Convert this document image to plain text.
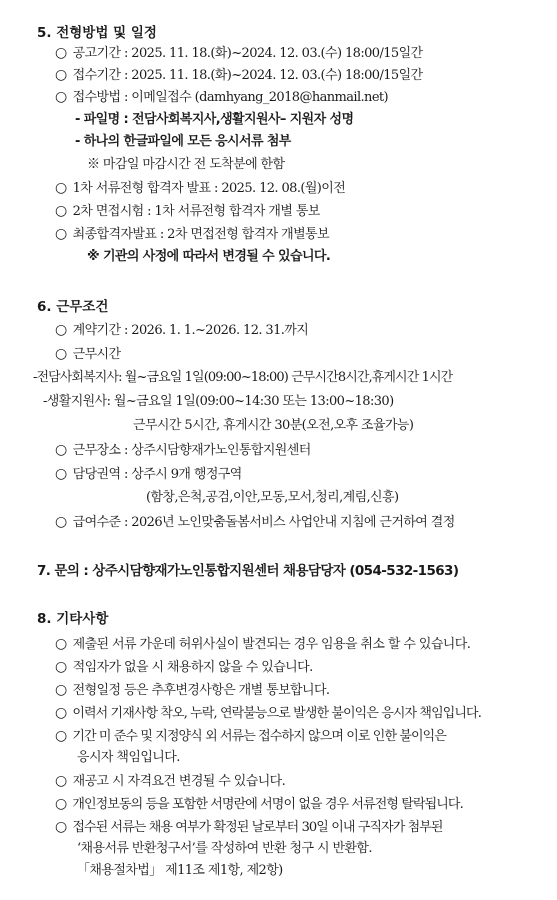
5. 전형방법 및 일정
○ 공고기간 : 2025. 11. 18.(화)~2024. 12. 03.(수) 18:00/15일간
○ 접수기간 : 2025. 11. 18.(화)~2024. 12. 03.(수) 18:00/15일간
○ 접수방법 : 이메일접수 (damhyang_2018@hanmail.net)
- 파일명 : 전담사회복지사,생활지원사– 지원자 성명
- 하나의 한글파일에 모든 응시서류 첨부
※ 마감일 마감시간 전 도착분에 한함
○ 1차 서류전형 합격자 발표 : 2025. 12. 08.(월)이전
○ 2차 면접시험 : 1차 서류전형 합격자 개별 통보
○ 최종합격자발표 : 2차 면접전형 합격자 개별통보
※ 기관의 사정에 따라서 변경될 수 있습니다.
6. 근무조건
○ 계약기간 : 2026. 1. 1.~2026. 12. 31.까지
○ 근무시간
-전담사회복지사: 월~금요일 1일(09:00~18:00) 근무시간8시간,휴게시간 1시간
-생활지원사: 월~금요일 1일(09:00~14:30 또는 13:00~18:30)
근무시간 5시간, 휴게시간 30분(오전,오후 조율가능)
○ 근무장소 : 상주시담향재가노인통합지원센터
○ 담당권역 : 상주시 9개 행정구역
(함창,은척,공검,이안,모동,모서,청리,계림,신흥)
○ 급여수준 : 2026년 노인맞춤돌봄서비스 사업안내 지침에 근거하여 결정
7. 문의 : 상주시담향재가노인통합지원센터 채용담당자 (054-532-1563)
8. 기타사항
○ 제출된 서류 가운데 허위사실이 발견되는 경우 임용을 취소 할 수 있습니다.
○ 적임자가 없을 시 채용하지 않을 수 있습니다.
○ 전형일정 등은 추후변경사항은 개별 통보합니다.
○ 이력서 기재사항 착오, 누락, 연락불능으로 발생한 불이익은 응시자 책임입니다.
○ 기간 미 준수 및 지정양식 외 서류는 접수하지 않으며 이로 인한 불이익은
응시자 책임입니다.
○ 재공고 시 자격요건 변경될 수 있습니다.
○ 개인정보동의 등을 포함한 서명란에 서명이 없을 경우 서류전형 탈락됩니다.
○ 접수된 서류는 채용 여부가 확정된 날로부터 30일 이내 구직자가 첨부된
‘채용서류 반환청구서’를 작성하여 반환 청구 시 반환함.
「채용절차법」 제11조 제1항, 제2항)
